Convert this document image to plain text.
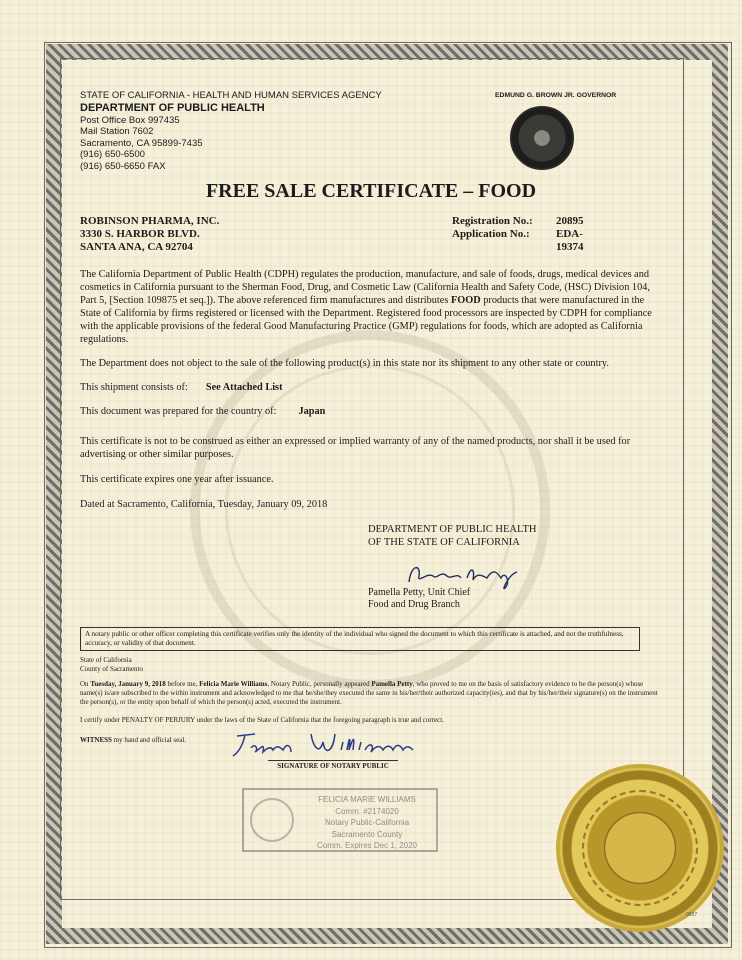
STATE OF CALIFORNIA - HEALTH AND HUMAN SERVICES AGENCY
DEPARTMENT OF PUBLIC HEALTH
Post Office Box 997435
Mail Station 7602
Sacramento, CA 95899-7435
(916) 650-6500
(916) 650-6650 FAX
EDMUND G. BROWN JR. GOVERNOR
FREE SALE CERTIFICATE – FOOD
ROBINSON PHARMA, INC.
3330 S. HARBOR BLVD.
SANTA ANA, CA 92704
Registration No.: 20895
Application No.: EDA-19374
The California Department of Public Health (CDPH) regulates the production, manufacture, and sale of foods, drugs, medical devices and cosmetics in California pursuant to the Sherman Food, Drug, and Cosmetic Law (California Health and Safety Code, (HSC) Division 104, Part 5, [Section 109875 et seq.]). The above referenced firm manufactures and distributes FOOD products that were manufactured in the State of California by firms registered or licensed with the Department. Registered food processors are inspected by CDPH for compliance with the applicable provisions of the federal Good Manufacturing Practice (GMP) regulations for foods, which are adopted as California regulations.
The Department does not object to the sale of the following product(s) in this state nor its shipment to any other state or country.
This shipment consists of: See Attached List
This document was prepared for the country of: Japan
This certificate is not to be construed as either an expressed or implied warranty of any of the named products, nor shall it be used for advertising or other similar purposes.
This certificate expires one year after issuance.
Dated at Sacramento, California, Tuesday, January 09, 2018
DEPARTMENT OF PUBLIC HEALTH
OF THE STATE OF CALIFORNIA
Pamella Petty, Unit Chief
Food and Drug Branch
A notary public or other officer completing this certificate verifies only the identity of the individual who signed the document to which this certificate is attached, and not the truthfulness, accuracy, or validity of that document.
State of California
County of Sacramento
On Tuesday, January 9, 2018 before me, Felicia Marie Williams, Notary Public, personally appeared Pamella Petty, who proved to me on the basis of satisfactory evidence to be the person(s) whose name(s) is/are subscribed to the within instrument and acknowledged to me that he/she/they executed the same in his/her/their authorized capacity(ies), and that by his/her/their signature(s) on the instrument the person(s), or the entity upon behalf of which the person(s) acted, executed the instrument.
I certify under PENALTY OF PERJURY under the laws of the State of California that the foregoing paragraph is true and correct.
WITNESS my hand and official seal.
SIGNATURE OF NOTARY PUBLIC
FELICIA MARIE WILLIAMS
Comm. #2174020
Notary Public-California
Sacramento County
Comm. Expires Dec 1, 2020
0937
